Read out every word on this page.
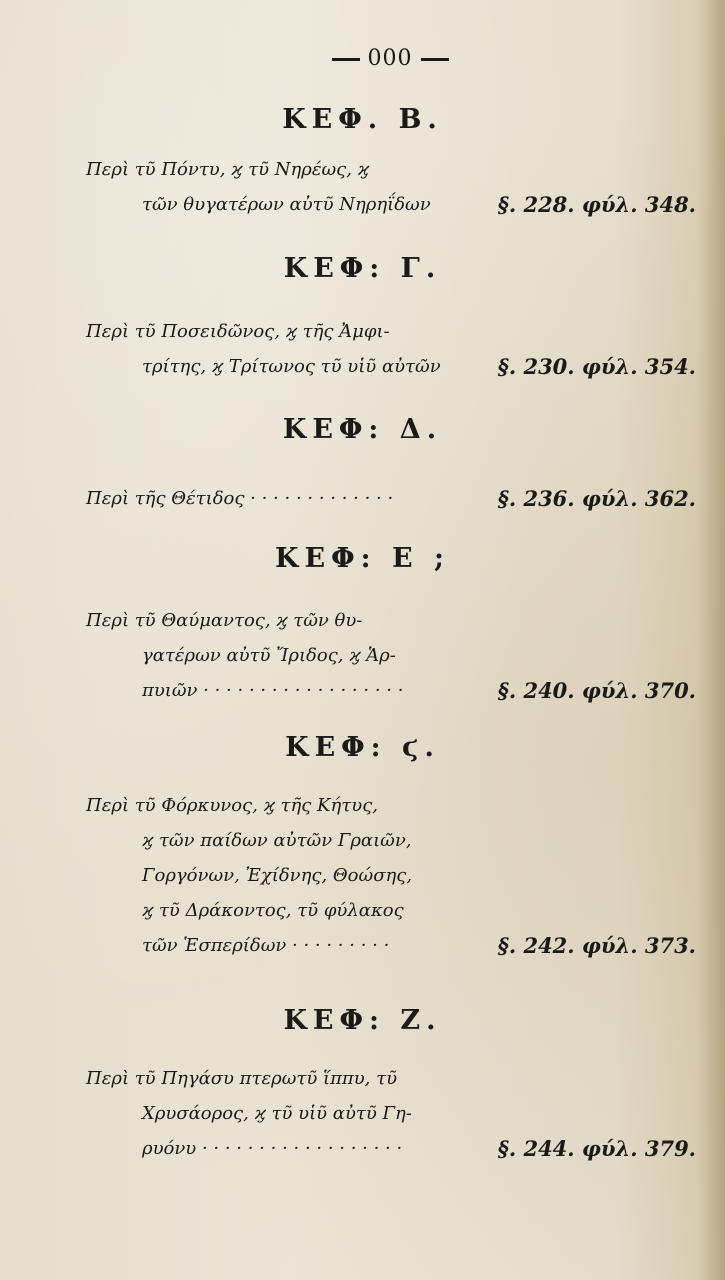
000
ΚΕΦ. Β.
Περὶ τῦ Πόντυ, ϗ τῦ Νηρέως, ϗ
τῶν θυγατέρων αὐτῦ Νηρηΐδων	§. 228. φύλ. 348.
ΚΕΦ: Γ.
Περὶ τῦ Ποσειδῶνος, ϗ τῆς Ἀμφι-
τρίτης, ϗ Τρίτωνος τῦ υἱῦ αὐτῶν	§. 230. φύλ. 354.
ΚΕΦ: Δ.
Περὶ τῆς Θέτιδος · · · · · · · · · · · · ·	§. 236. φύλ. 362.
ΚΕΦ: Ε ;
Περὶ τῦ Θαύμαντος, ϗ τῶν θυ-
γατέρων αὐτῦ Ἴριδος, ϗ Ἁρ-
πυιῶν · · · · · · · · · · · · · · · · · ·	§. 240. φύλ. 370.
ΚΕΦ: ϛ.
Περὶ τῦ Φόρκυνος, ϗ τῆς Κήτυς,
ϗ τῶν παίδων αὐτῶν Γραιῶν,
Γοργόνων, Ἐχίδνης, Θοώσης,
ϗ τῦ Δράκοντος, τῦ φύλακος
τῶν Ἑσπερίδων · · · · · · · · ·	§. 242. φύλ. 373.
ΚΕΦ: Ζ.
Περὶ τῦ Πηγάσυ πτερωτῦ ἵππυ, τῦ
Χρυσάορος, ϗ τῦ υἱῦ αὐτῦ Γη-
ρυόνυ · · · · · · · · · · · · · · · · · ·	§. 244. φύλ. 379.
